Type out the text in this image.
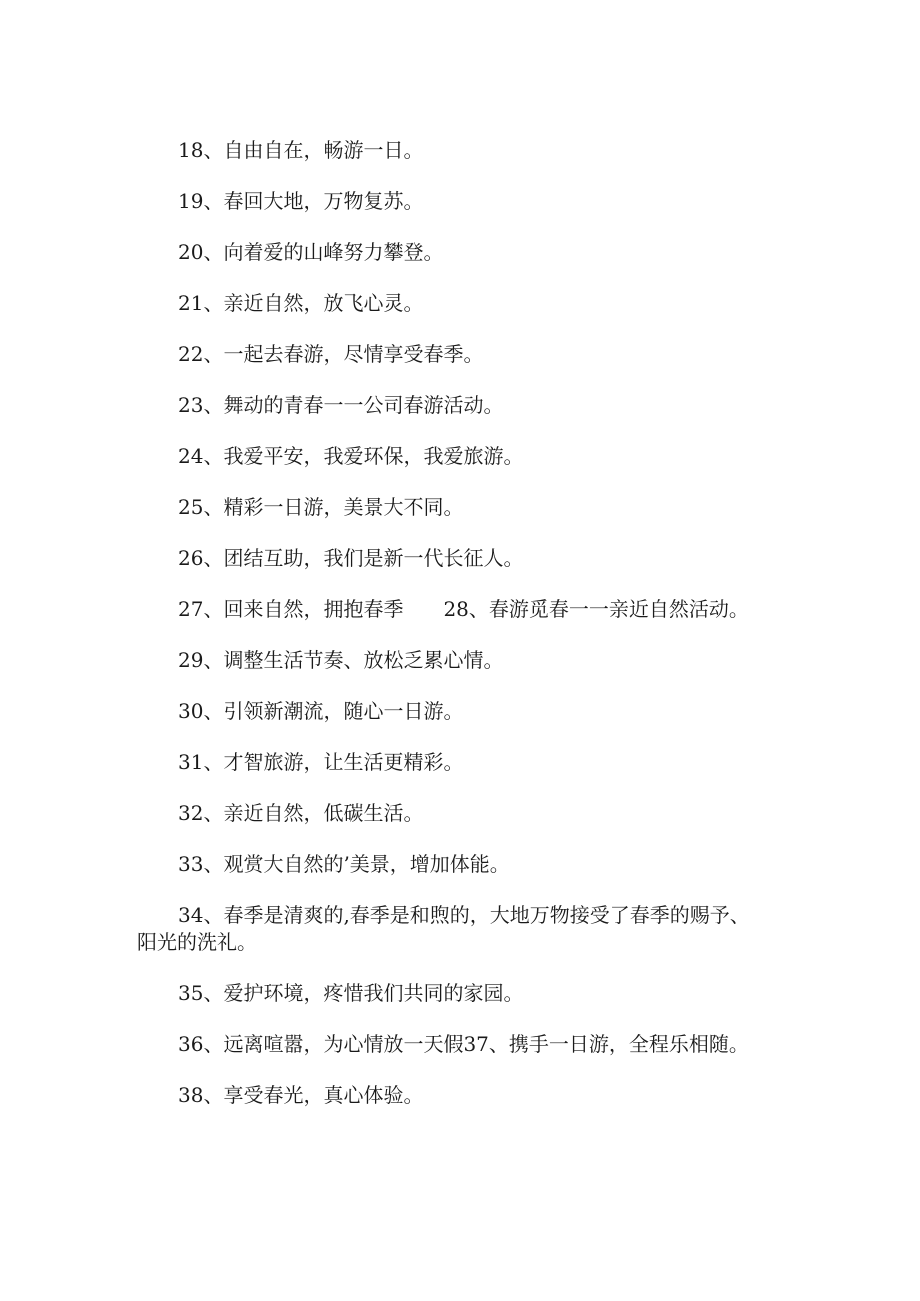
18、自由自在，畅游一日。

19、春回大地，万物复苏。

20、向着爱的山峰努力攀登。

21、亲近自然，放飞心灵。

22、一起去春游，尽情享受春季。

23、舞动的青春一一公司春游活动。

24、我爱平安，我爱环保，我爱旅游。

25、精彩一日游，美景大不同。

26、团结互助，我们是新一代长征人。

27、回来自然，拥抱春季　　28、春游觅春一一亲近自然活动。

29、调整生活节奏、放松乏累心情。

30、引领新潮流，随心一日游。

31、才智旅游，让生活更精彩。

32、亲近自然，低碳生活。

33、观赏大自然的’美景，增加体能。

34、春季是清爽的,春季是和煦的，大地万物接受了春季的赐予、阳光的洗礼。

35、爱护环境，疼惜我们共同的家园。

36、远离喧嚣，为心情放一天假37、携手一日游，全程乐相随。

38、享受春光，真心体验。
